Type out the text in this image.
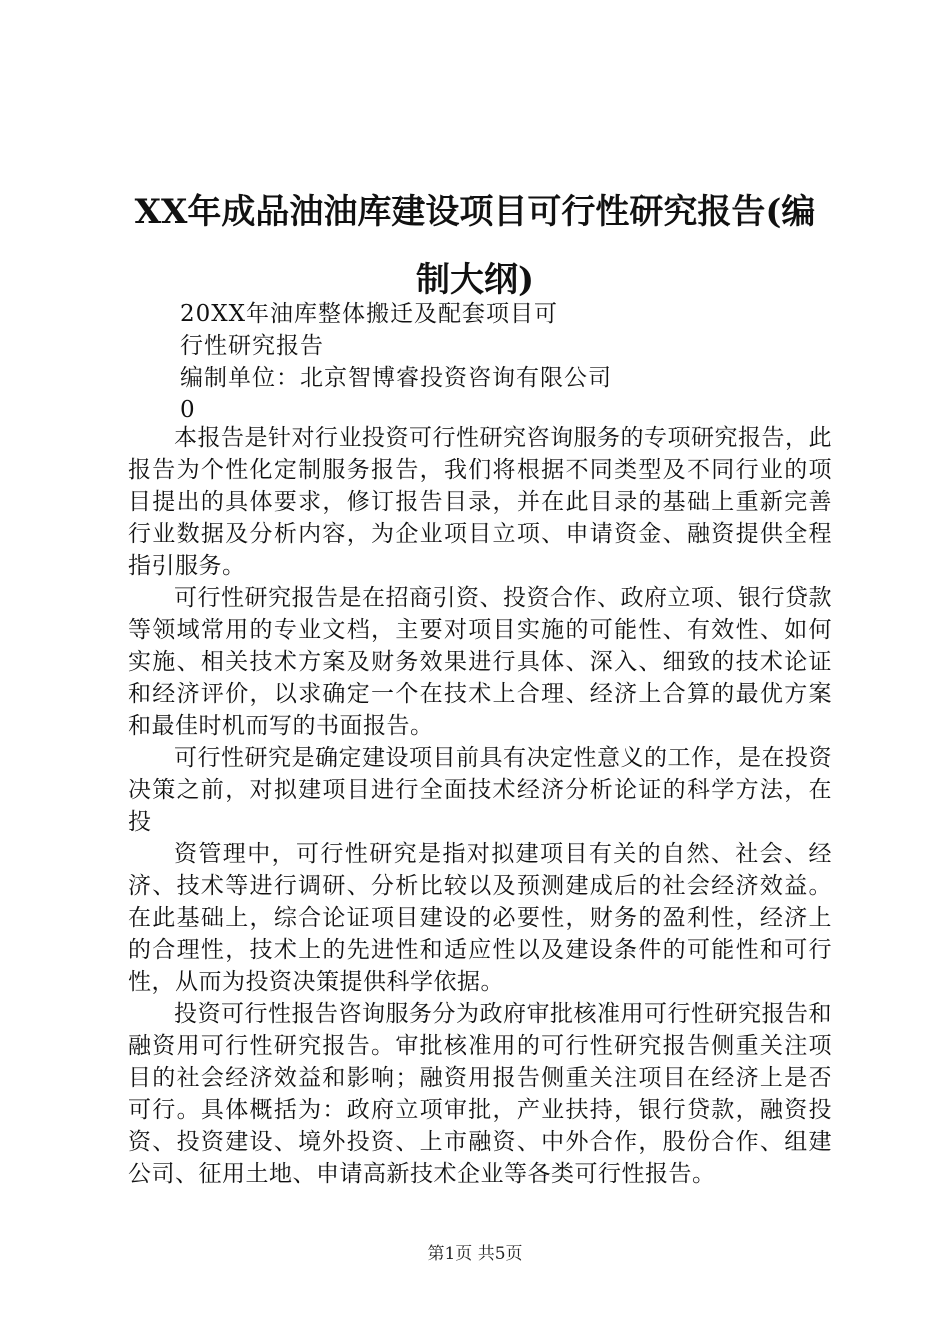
XX年成品油油库建设项目可行性研究报告(编
制大纲)
20XX年油库整体搬迁及配套项目可
行性研究报告
编制单位：北京智博睿投资咨询有限公司
0

本报告是针对行业投资可行性研究咨询服务的专项研究报告，此报告为个性化定制服务报告，我们将根据不同类型及不同行业的项目提出的具体要求，修订报告目录，并在此目录的基础上重新完善行业数据及分析内容，为企业项目立项、申请资金、融资提供全程指引服务。

可行性研究报告是在招商引资、投资合作、政府立项、银行贷款等领域常用的专业文档，主要对项目实施的可能性、有效性、如何实施、相关技术方案及财务效果进行具体、深入、细致的技术论证和经济评价，以求确定一个在技术上合理、经济上合算的最优方案和最佳时机而写的书面报告。

可行性研究是确定建设项目前具有决定性意义的工作，是在投资决策之前，对拟建项目进行全面技术经济分析论证的科学方法，在投

资管理中，可行性研究是指对拟建项目有关的自然、社会、经济、技术等进行调研、分析比较以及预测建成后的社会经济效益。在此基础上，综合论证项目建设的必要性，财务的盈利性，经济上的合理性，技术上的先进性和适应性以及建设条件的可能性和可行性，从而为投资决策提供科学依据。

投资可行性报告咨询服务分为政府审批核准用可行性研究报告和融资用可行性研究报告。审批核准用的可行性研究报告侧重关注项目的社会经济效益和影响；融资用报告侧重关注项目在经济上是否可行。具体概括为：政府立项审批，产业扶持，银行贷款，融资投资、投资建设、境外投资、上市融资、中外合作，股份合作、组建公司、征用土地、申请高新技术企业等各类可行性报告。

第1页 共5页
